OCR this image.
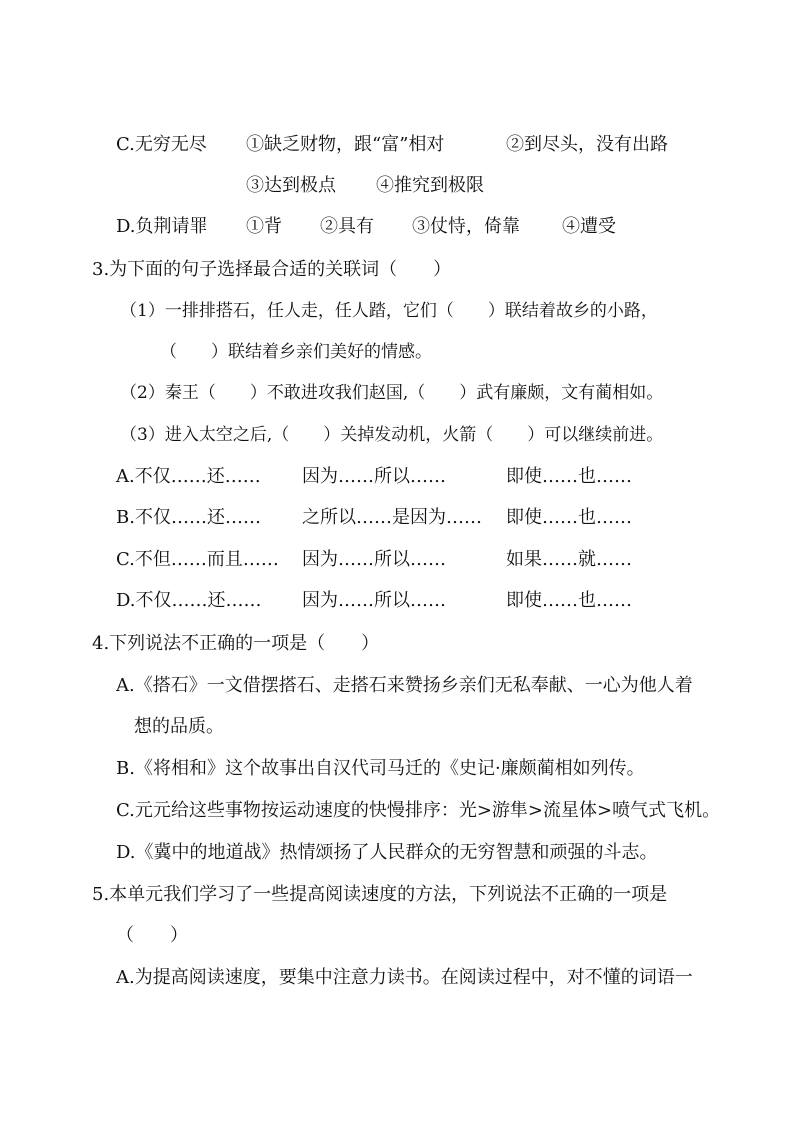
C.无穷无尽 ①缺乏财物，跟“富”相对	②到尽头，没有出路
③达到极点 ④推究到极限
D.负荆请罪 ①背 ②具有 ③仗恃，倚靠 ④遭受
3.为下面的句子选择最合适的关联词（　　）
（1）一排排搭石，任人走，任人踏，它们（　　）联结着故乡的小路，
（　　）联结着乡亲们美好的情感。
（2）秦王（　　）不敢进攻我们赵国,（　　）武有廉颇，文有蔺相如。
（3）进入太空之后,（　　）关掉发动机，火箭（　　）可以继续前进。
A.不仅……还…… 因为……所以……	即使……也……
B.不仅……还…… 之所以……是因为…… 即使……也……
C.不但……而且…… 因为……所以……	如果……就……
D.不仅……还…… 因为……所以……	即使……也……
4.下列说法不正确的一项是（　　）
A.《搭石》一文借摆搭石、走搭石来赞扬乡亲们无私奉献、一心为他人着
想的品质。
B.《将相和》这个故事出自汉代司马迁的《史记·廉颇蔺相如列传。
C.元元给这些事物按运动速度的快慢排序：光>游隼>流星体>喷气式飞机。
D.《冀中的地道战》热情颂扬了人民群众的无穷智慧和顽强的斗志。
5.本单元我们学习了一些提高阅读速度的方法，下列说法不正确的一项是
（　　）
A.为提高阅读速度，要集中注意力读书。在阅读过程中，对不懂的词语一
